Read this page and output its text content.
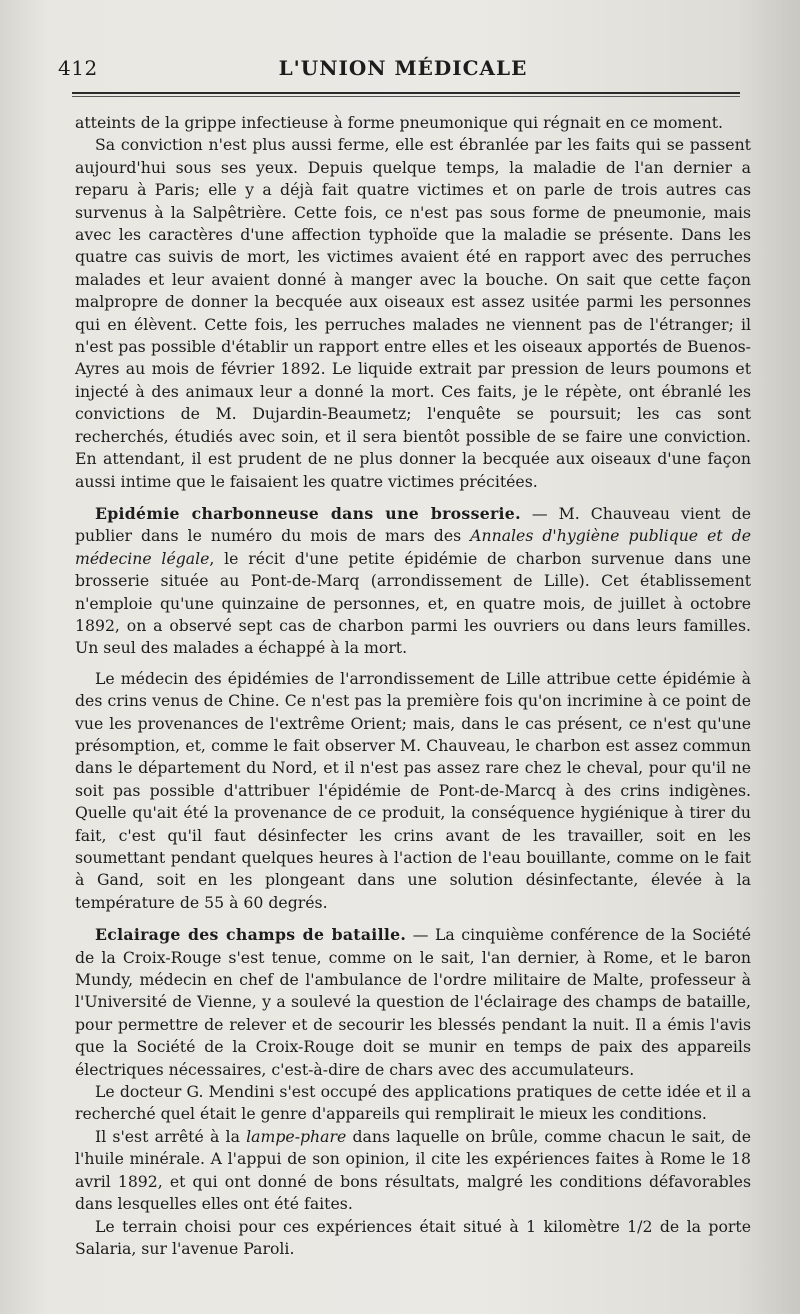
412	L'UNION MÉDICALE

atteints de la grippe infectieuse à forme pneumonique qui régnait en ce moment.

Sa conviction n'est plus aussi ferme, elle est ébranlée par les faits qui se passent aujourd'hui sous ses yeux. Depuis quelque temps, la maladie de l'an dernier a reparu à Paris; elle y a déjà fait quatre victimes et on parle de trois autres cas survenus à la Salpêtrière. Cette fois, ce n'est pas sous forme de pneumonie, mais avec les caractères d'une affection typhoïde que la maladie se présente. Dans les quatre cas suivis de mort, les victimes avaient été en rapport avec des perruches malades et leur avaient donné à manger avec la bouche. On sait que cette façon malpropre de donner la becquée aux oiseaux est assez usitée parmi les personnes qui en élèvent. Cette fois, les perruches malades ne viennent pas de l'étranger; il n'est pas possible d'établir un rapport entre elles et les oiseaux apportés de Buenos-Ayres au mois de février 1892. Le liquide extrait par pression de leurs poumons et injecté à des animaux leur a donné la mort. Ces faits, je le répète, ont ébranlé les convictions de M. Dujardin-Beaumetz; l'enquête se poursuit; les cas sont recherchés, étudiés avec soin, et il sera bientôt possible de se faire une conviction. En attendant, il est prudent de ne plus donner la becquée aux oiseaux d'une façon aussi intime que le faisaient les quatre victimes précitées.

Epidémie charbonneuse dans une brosserie. — M. Chauveau vient de publier dans le numéro du mois de mars des Annales d'hygiène publique et de médecine légale, le récit d'une petite épidémie de charbon survenue dans une brosserie située au Pont-de-Marq (arrondissement de Lille). Cet établissement n'emploie qu'une quinzaine de personnes, et, en quatre mois, de juillet à octobre 1892, on a observé sept cas de charbon parmi les ouvriers ou dans leurs familles. Un seul des malades a échappé à la mort.

Le médecin des épidémies de l'arrondissement de Lille attribue cette épidémie à des crins venus de Chine. Ce n'est pas la première fois qu'on incrimine à ce point de vue les provenances de l'extrême Orient; mais, dans le cas présent, ce n'est qu'une présomption, et, comme le fait observer M. Chauveau, le charbon est assez commun dans le département du Nord, et il n'est pas assez rare chez le cheval, pour qu'il ne soit pas possible d'attribuer l'épidémie de Pont-de-Marcq à des crins indigènes. Quelle qu'ait été la provenance de ce produit, la conséquence hygiénique à tirer du fait, c'est qu'il faut désinfecter les crins avant de les travailler, soit en les soumettant pendant quelques heures à l'action de l'eau bouillante, comme on le fait à Gand, soit en les plongeant dans une solution désinfectante, élevée à la température de 55 à 60 degrés.

Eclairage des champs de bataille. — La cinquième conférence de la Société de la Croix-Rouge s'est tenue, comme on le sait, l'an dernier, à Rome, et le baron Mundy, médecin en chef de l'ambulance de l'ordre militaire de Malte, professeur à l'Université de Vienne, y a soulevé la question de l'éclairage des champs de bataille, pour permettre de relever et de secourir les blessés pendant la nuit. Il a émis l'avis que la Société de la Croix-Rouge doit se munir en temps de paix des appareils électriques nécessaires, c'est-à-dire de chars avec des accumulateurs.

Le docteur G. Mendini s'est occupé des applications pratiques de cette idée et il a recherché quel était le genre d'appareils qui remplirait le mieux les conditions.

Il s'est arrêté à la lampe-phare dans laquelle on brûle, comme chacun le sait, de l'huile minérale. A l'appui de son opinion, il cite les expériences faites à Rome le 18 avril 1892, et qui ont donné de bons résultats, malgré les conditions défavorables dans lesquelles elles ont été faites.

Le terrain choisi pour ces expériences était situé à 1 kilomètre 1/2 de la porte Salaria, sur l'avenue Paroli.
